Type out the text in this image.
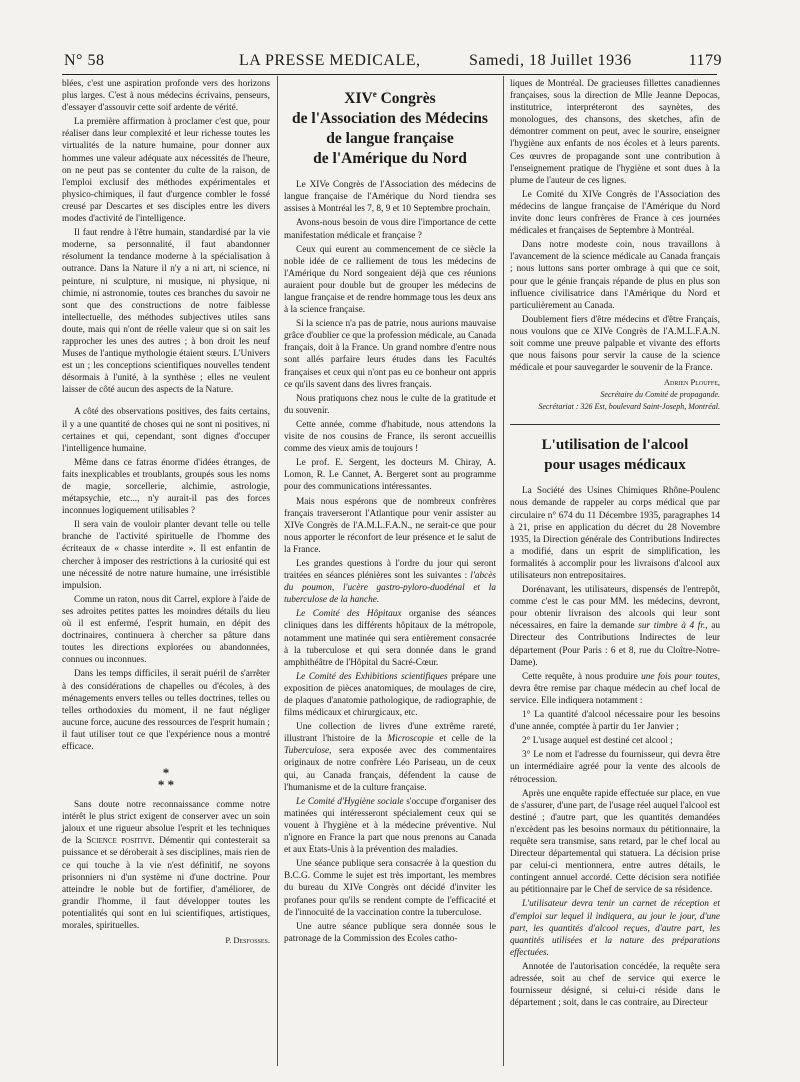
N° 58	LA PRESSE MEDICALE,	Samedi, 18 Juillet 1936	1179

blées, c'est une aspiration profonde vers des horizons plus larges. C'est à nous médecins écrivains, penseurs, d'essayer d'assouvir cette soif ardente de vérité.

La première affirmation à proclamer c'est que, pour réaliser dans leur complexité et leur richesse toutes les virtualités de la nature humaine, pour donner aux hommes une valeur adéquate aux nécessités de l'heure, on ne peut pas se contenter du culte de la raison, de l'emploi exclusif des méthodes expérimentales et physico-chimiques, il faut d'urgence combler le fossé creusé par Descartes et ses disciples entre les divers modes d'activité de l'intelligence.

Il faut rendre à l'être humain, standardisé par la vie moderne, sa personnalité, il faut abandonner résolument la tendance moderne à la spécialisation à outrance. Dans la Nature il n'y a ni art, ni science, ni peinture, ni sculpture, ni musique, ni physique, ni chimie, ni astronomie, toutes ces branches du savoir ne sont que des constructions de notre faiblesse intellectuelle, des méthodes subjectives utiles sans doute, mais qui n'ont de réelle valeur que si on sait les rapprocher les unes des autres ; à bon droit les neuf Muses de l'antique mythologie étaient sœurs. L'Univers est un ; les conceptions scientifiques nouvelles tendent désormais à l'unité, à la synthèse ; elles ne veulent laisser de côté aucun des aspects de la Nature.

A côté des observations positives, des faits certains, il y a une quantité de choses qui ne sont ni positives, ni certaines et qui, cependant, sont dignes d'occuper l'intelligence humaine.

Même dans ce fatras énorme d'idées étranges, de faits inexplicables et troublants, groupés sous les noms de magie, sorcellerie, alchimie, astrologie, métapsychie, etc..., n'y aurait-il pas des forces inconnues logiquement utilisables ?

Il sera vain de vouloir planter devant telle ou telle branche de l'activité spirituelle de l'homme des écriteaux de « chasse interdite ». Il est enfantin de chercher à imposer des restrictions à la curiosité qui est une nécessité de notre nature humaine, une irrésistible impulsion.

Comme un raton, nous dit Carrel, explore à l'aide de ses adroites petites pattes les moindres détails du lieu où il est enfermé, l'esprit humain, en dépit des doctrinaires, continuera à chercher sa pâture dans toutes les directions explorées ou abandonnées, connues ou inconnues.

Dans les temps difficiles, il serait puéril de s'arrêter à des considérations de chapelles ou d'écoles, à des ménagements envers telles ou telles doctrines, telles ou telles orthodoxies du moment, il ne faut négliger aucune force, aucune des ressources de l'esprit humain ; il faut utiliser tout ce que l'expérience nous a montré efficace.

*
* *

Sans doute notre reconnaissance comme notre intérêt le plus strict exigent de conserver avec un soin jaloux et une rigueur absolue l'esprit et les techniques de la Science positive. Démentir qui contesterait sa puissance et se déroberait à ses disciplines, mais rien de ce qui touche à la vie n'est définitif, ne soyons prisonniers ni d'un système ni d'une doctrine. Pour atteindre le noble but de fortifier, d'améliorer, de grandir l'homme, il faut développer toutes les potentialités qui sont en lui scientifiques, artistiques, morales, spirituelles.

P. Desfosses.

XIVe Congrès
de l'Association des Médecins
de langue française
de l'Amérique du Nord

Le XIVe Congrès de l'Association des médecins de langue française de l'Amérique du Nord tiendra ses assises à Montréal les 7, 8, 9 et 10 Septembre prochain.

Avons-nous besoin de vous dire l'importance de cette manifestation médicale et française ?

Ceux qui eurent au commencement de ce siècle la noble idée de ce ralliement de tous les médecins de l'Amérique du Nord songeaient déjà que ces réunions auraient pour double but de grouper les médecins de langue française et de rendre hommage tous les deux ans à la science française.

Si la science n'a pas de patrie, nous aurions mauvaise grâce d'oublier ce que la profession médicale, au Canada français, doit à la France. Un grand nombre d'entre nous sont allés parfaire leurs études dans les Facultés françaises et ceux qui n'ont pas eu ce bonheur ont appris ce qu'ils savent dans des livres français.

Nous pratiquons chez nous le culte de la gratitude et du souvenir.

Cette année, comme d'habitude, nous attendons la visite de nos cousins de France, ils seront accueillis comme des vieux amis de toujours !

Le prof. E. Sergent, les docteurs M. Chiray, A. Lomon, R. Le Cannet, A. Bergeret sont au programme pour des communications intéressantes.

Mais nous espérons que de nombreux confrères français traverseront l'Atlantique pour venir assister au XIVe Congrès de l'A.M.L.F.A.N., ne serait-ce que pour nous apporter le réconfort de leur présence et le salut de la France.

Les grandes questions à l'ordre du jour qui seront traitées en séances plénières sont les suivantes : l'abcès du poumon, l'ucère gastro-pyloro-duodénal et la tuberculose de la hanche.

Le Comité des Hôpitaux organise des séances cliniques dans les différents hôpitaux de la métropole, notamment une matinée qui sera entièrement consacrée à la tuberculose et qui sera donnée dans le grand amphithéâtre de l'Hôpital du Sacré-Cœur.

Le Comité des Exhibitions scientifiques prépare une exposition de pièces anatomiques, de moulages de cire, de plaques d'anatomie pathologique, de radiographie, de films médicaux et chirurgicaux, etc.

Une collection de livres d'une extrême rareté, illustrant l'histoire de la Microscopie et celle de la Tuberculose, sera exposée avec des commentaires originaux de notre confrère Léo Pariseau, un de ceux qui, au Canada français, défendent la cause de l'humanisme et de la culture française.

Le Comité d'Hygiène sociale s'occupe d'organiser des matinées qui intéresseront spécialement ceux qui se vouent à l'hygiène et à la médecine préventive. Nul n'ignore en France la part que nous prenons au Canada et aux Etats-Unis à la prévention des maladies.

Une séance publique sera consacrée à la question du B.C.G. Comme le sujet est très important, les membres du bureau du XIVe Congrès ont décidé d'inviter les profanes pour qu'ils se rendent compte de l'efficacité et de l'innocuité de la vaccination contre la tuberculose.

Une autre séance publique sera donnée sous le patronage de la Commission des Ecoles catho-

liques de Montréal. De gracieuses fillettes canadiennes françaises, sous la direction de Mlle Jeanne Depocas, institutrice, interpréteront des saynètes, des monologues, des chansons, des sketches, afin de démontrer comment on peut, avec le sourire, enseigner l'hygiène aux enfants de nos écoles et à leurs parents. Ces œuvres de propagande sont une contribution à l'enseignement pratique de l'hygiène et sont dues à la plume de l'auteur de ces lignes.

Le Comité du XIVe Congrès de l'Association des médecins de langue française de l'Amérique du Nord invite donc leurs confrères de France à ces journées médicales et françaises de Septembre à Montréal.

Dans notre modeste coin, nous travaillons à l'avancement de la science médicale au Canada français ; nous luttons sans porter ombrage à qui que ce soit, pour que le génie français répande de plus en plus son influence civilisatrice dans l'Amérique du Nord et particulièrement au Canada.

Doublement fiers d'être médecins et d'être Français, nous voulons que ce XIVe Congrès de l'A.M.L.F.A.N. soit comme une preuve palpable et vivante des efforts que nous faisons pour servir la cause de la science médicale et pour sauvegarder le souvenir de la France.

Adrien Plouffe,

Secrétaire du Comité de propagande.

Secrétariat : 326 Est, boulevard Saint-Joseph, Montréal.

L'utilisation de l'alcool
pour usages médicaux

La Société des Usines Chimiques Rhône-Poulenc nous demande de rappeler au corps médical que par circulaire n° 674 du 11 Décembre 1935, paragraphes 14 à 21, prise en application du décret du 28 Novembre 1935, la Direction générale des Contributions Indirectes a modifié, dans un esprit de simplification, les formalités à accomplir pour les livraisons d'alcool aux utilisateurs non entrepositaires.

Dorénavant, les utilisateurs, dispensés de l'entrepôt, comme c'est le cas pour MM. les médecins, devront, pour obtenir livraison des alcools qui leur sont nécessaires, en faire la demande sur timbre à 4 fr., au Directeur des Contributions Indirectes de leur département (Pour Paris : 6 et 8, rue du Cloître-Notre-Dame).

Cette requête, à nous produire une fois pour toutes, devra être remise par chaque médecin au chef local de service. Elle indiquera notamment :

1° La quantité d'alcool nécessaire pour les besoins d'une année, comptée à partir du 1er Janvier ;

2° L'usage auquel est destiné cet alcool ;

3° Le nom et l'adresse du fournisseur, qui devra être un intermédiaire agréé pour la vente des alcools de rétrocession.

Après une enquête rapide effectuée sur place, en vue de s'assurer, d'une part, de l'usage réel auquel l'alcool est destiné ; d'autre part, que les quantités demandées n'excèdent pas les besoins normaux du pétitionnaire, la requête sera transmise, sans retard, par le chef local au Directeur départemental qui statuera. La décision prise par celui-ci mentionnera, entre autres détails, le contingent annuel accordé. Cette décision sera notifiée au pétitionnaire par le Chef de service de sa résidence.

L'utilisateur devra tenir un carnet de réception et d'emploi sur lequel il indiquera, au jour le jour, d'une part, les quantités d'alcool reçues, d'autre part, les quantités utilisées et la nature des préparations effectuées.

Annotée de l'autorisation concédée, la requête sera adressée, soit au chef de service qui exerce le fournisseur désigné, si celui-ci réside dans le département ; soit, dans le cas contraire, au Directeur
